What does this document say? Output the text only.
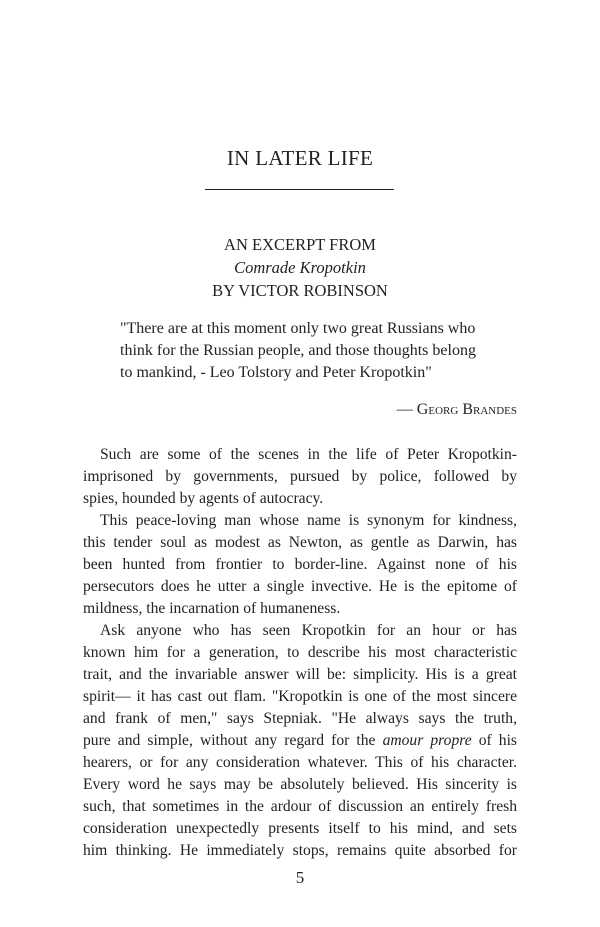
IN LATER LIFE
AN EXCERPT FROM
Comrade Kropotkin
BY VICTOR ROBINSON
"There are at this moment only two great Russians who
think for the Russian people, and those thoughts belong
to mankind, - Leo Tolstory and Peter Kropotkin"
— Georg Brandes
Such are some of the scenes in the life of Peter Kropotkin-
imprisoned by governments, pursued by police, followed by
spies, hounded by agents of autocracy.
This peace-loving man whose name is synonym for kindness,
this tender soul as modest as Newton, as gentle as Darwin, has
been hunted from frontier to border-line. Against none of his
persecutors does he utter a single invective. He is the epitome of
mildness, the incarnation of humaneness.
Ask anyone who has seen Kropotkin for an hour or has
known him for a generation, to describe his most characteristic
trait, and the invariable answer will be: simplicity. His is a great
spirit— it has cast out flam. "Kropotkin is one of the most sincere
and frank of men," says Stepniak. "He always says the truth,
pure and simple, without any regard for the amour propre of his
hearers, or for any consideration whatever. This of his character.
Every word he says may be absolutely believed. His sincerity is
such, that sometimes in the ardour of discussion an entirely fresh
consideration unexpectedly presents itself to his mind, and sets
him thinking. He immediately stops, remains quite absorbed for
5
